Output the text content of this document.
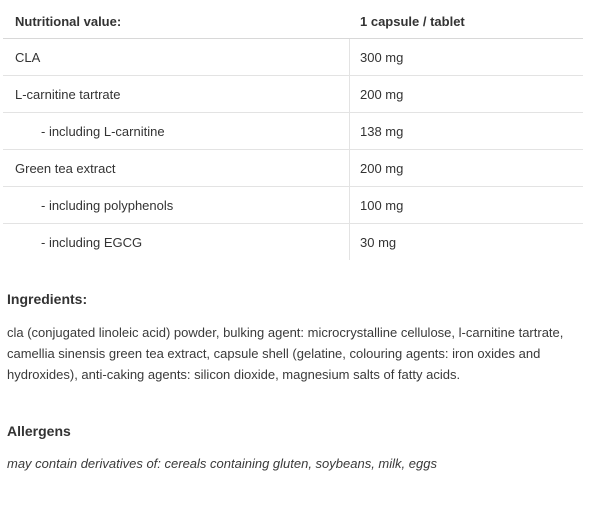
Nutritional value:	1 capsule / tablet
CLA	300 mg
L-carnitine tartrate	200 mg
- including L-carnitine	138 mg
Green tea extract	200 mg
- including polyphenols	100 mg
- including EGCG	30 mg
Ingredients:

cla (conjugated linoleic acid) powder, bulking agent: microcrystalline cellulose, l-carnitine tartrate, camellia sinensis green tea extract, capsule shell (gelatine, colouring agents: iron oxides and hydroxides), anti-caking agents: silicon dioxide, magnesium salts of fatty acids.

Allergens

may contain derivatives of: cereals containing gluten, soybeans, milk, eggs
